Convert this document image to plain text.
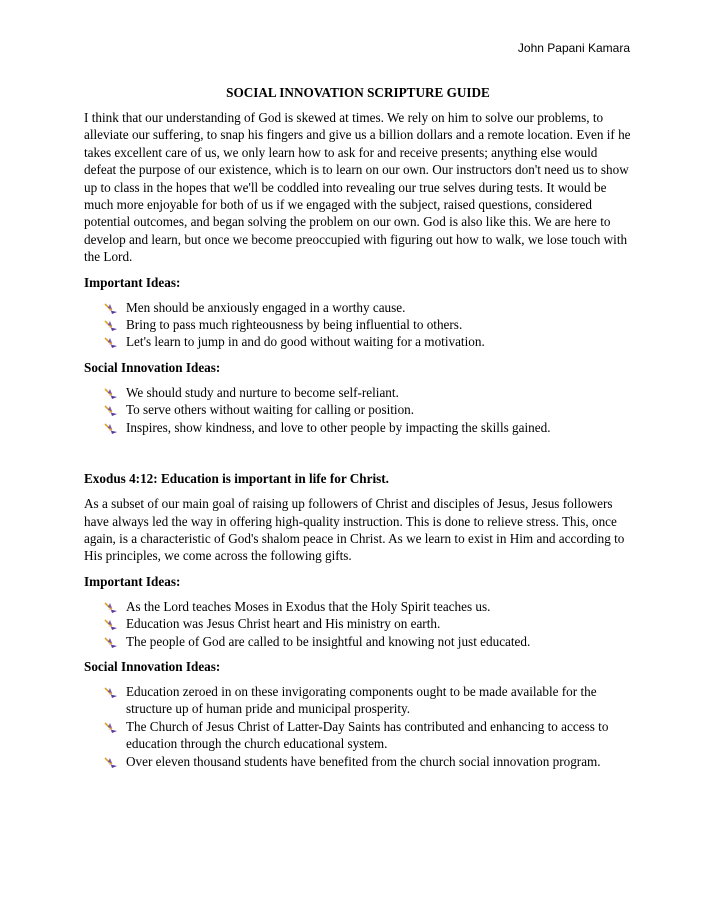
John Papani Kamara
SOCIAL INNOVATION SCRIPTURE GUIDE

I think that our understanding of God is skewed at times. We rely on him to solve our problems, to alleviate our suffering, to snap his fingers and give us a billion dollars and a remote location. Even if he takes excellent care of us, we only learn how to ask for and receive presents; anything else would defeat the purpose of our existence, which is to learn on our own. Our instructors don't need us to show up to class in the hopes that we'll be coddled into revealing our true selves during tests. It would be much more enjoyable for both of us if we engaged with the subject, raised questions, considered potential outcomes, and began solving the problem on our own. God is also like this. We are here to develop and learn, but once we become preoccupied with figuring out how to walk, we lose touch with the Lord.

Important Ideas:
Men should be anxiously engaged in a worthy cause.
Bring to pass much righteousness by being influential to others.
Let's learn to jump in and do good without waiting for a motivation.
Social Innovation Ideas:
We should study and nurture to become self-reliant.
To serve others without waiting for calling or position.
Inspires, show kindness, and love to other people by impacting the skills gained.
Exodus 4:12: Education is important in life for Christ.

As a subset of our main goal of raising up followers of Christ and disciples of Jesus, Jesus followers have always led the way in offering high-quality instruction. This is done to relieve stress. This, once again, is a characteristic of God's shalom peace in Christ. As we learn to exist in Him and according to His principles, we come across the following gifts.

Important Ideas:
As the Lord teaches Moses in Exodus that the Holy Spirit teaches us.
Education was Jesus Christ heart and His ministry on earth.
The people of God are called to be insightful and knowing not just educated.
Social Innovation Ideas:
Education zeroed in on these invigorating components ought to be made available for the structure up of human pride and municipal prosperity.
The Church of Jesus Christ of Latter-Day Saints has contributed and enhancing to access to education through the church educational system.
Over eleven thousand students have benefited from the church social innovation program.
